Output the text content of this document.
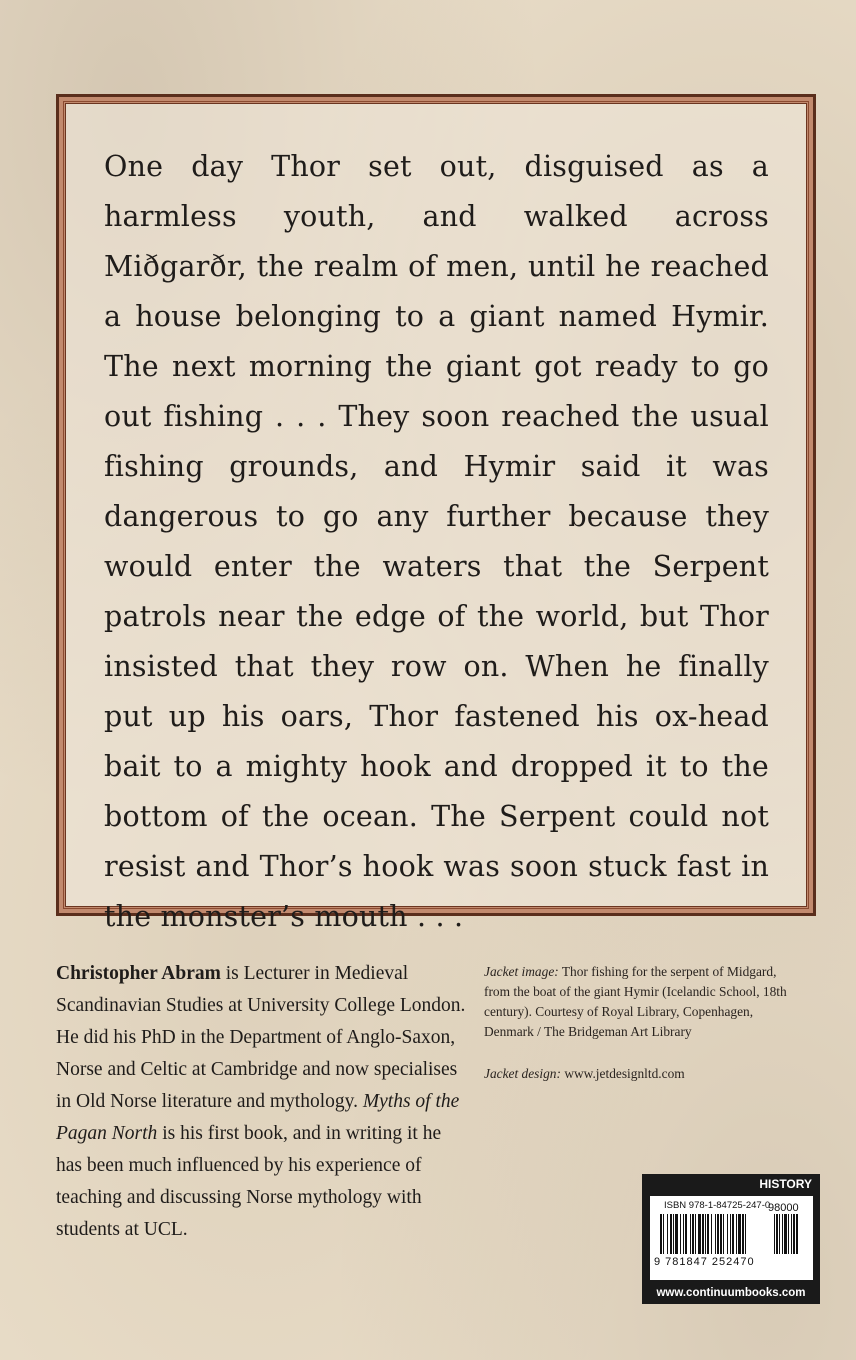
One day Thor set out, disguised as a harmless youth, and walked across Miðgarðr, the realm of men, until he reached a house belonging to a giant named Hymir. The next morning the giant got ready to go out fishing . . . They soon reached the usual fishing grounds, and Hymir said it was dangerous to go any further because they would enter the waters that the Serpent patrols near the edge of the world, but Thor insisted that they row on. When he finally put up his oars, Thor fastened his ox-head bait to a mighty hook and dropped it to the bottom of the ocean. The Serpent could not resist and Thor’s hook was soon stuck fast in the monster’s mouth . . .
Christopher Abram is Lecturer in Medieval Scandinavian Studies at University College London. He did his PhD in the Department of Anglo-Saxon, Norse and Celtic at Cambridge and now specialises in Old Norse literature and mythology. Myths of the Pagan North is his first book, and in writing it he has been much influenced by his experience of teaching and discussing Norse mythology with students at UCL.
Jacket image: Thor fishing for the serpent of Midgard, from the boat of the giant Hymir (Icelandic School, 18th century). Courtesy of Royal Library, Copenhagen, Denmark / The Bridgeman Art Library
Jacket design: www.jetdesignltd.com
HISTORY
ISBN 978-1-84725-247-0
98000
9 781847 252470
www.continuumbooks.com
